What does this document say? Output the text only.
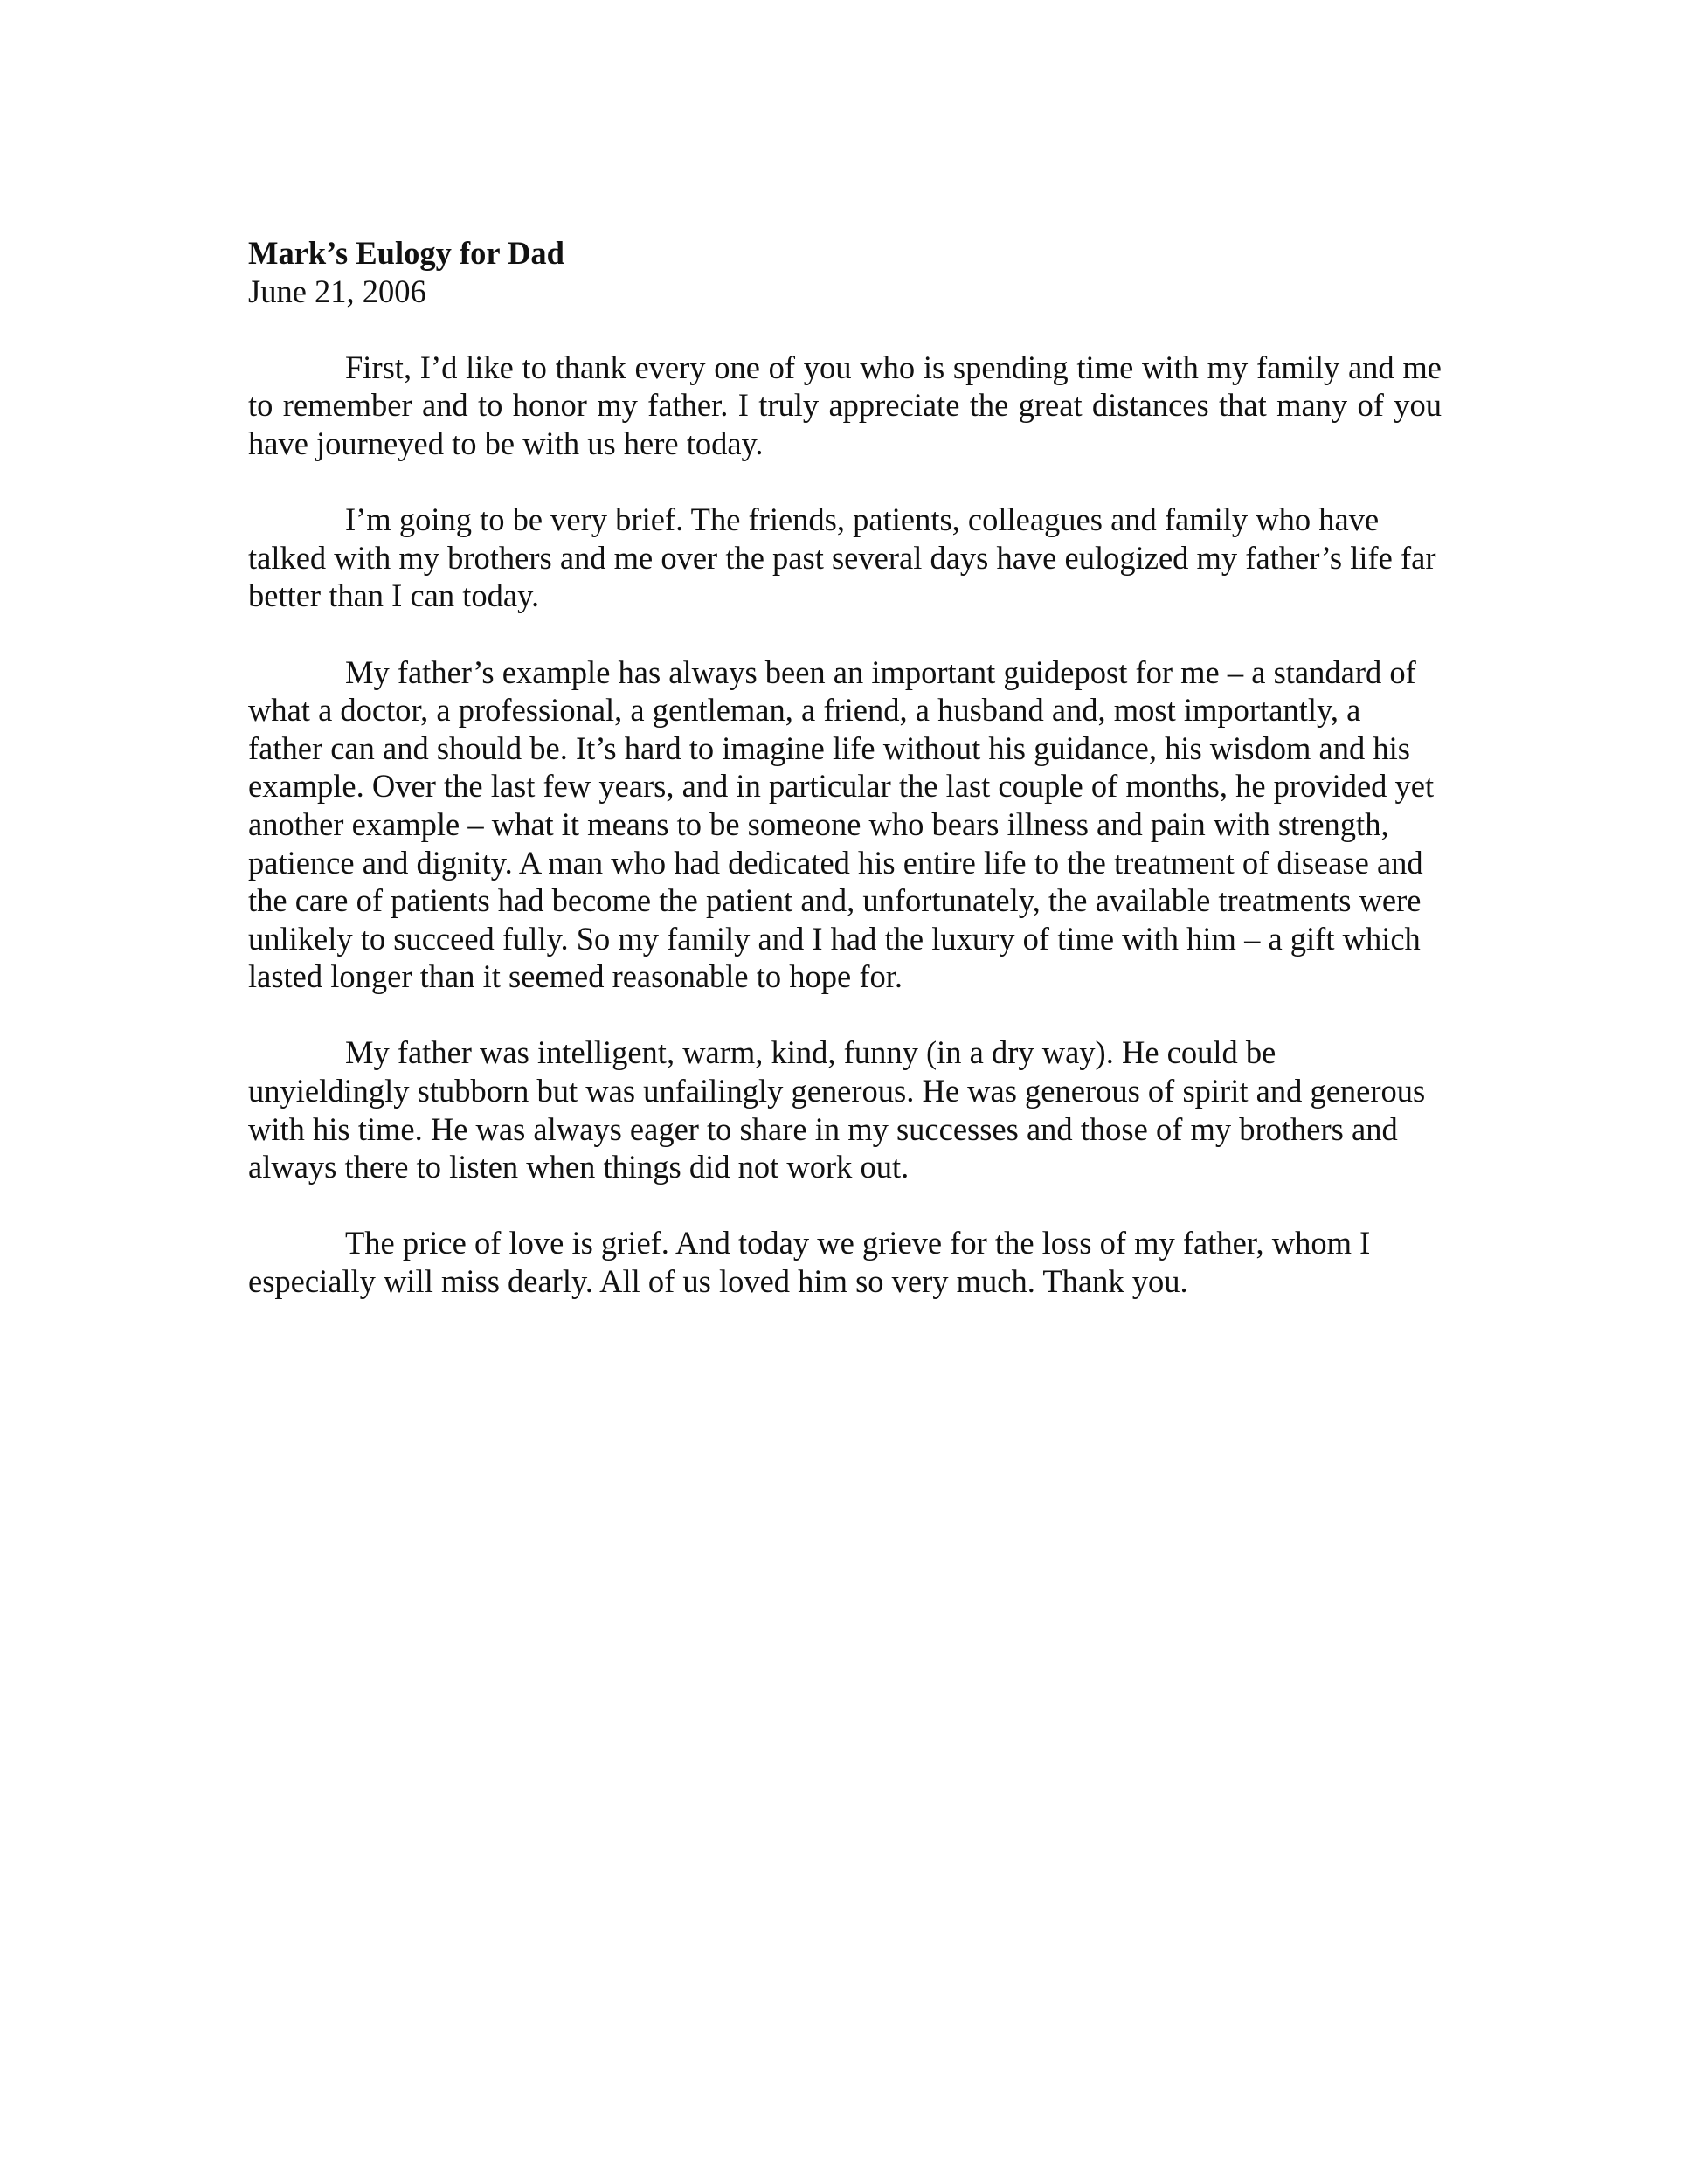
Mark’s Eulogy for Dad

June 21, 2006

First, I’d like to thank every one of you who is spending time with my family and me to remember and to honor my father. I truly appreciate the great distances that many of you have journeyed to be with us here today.

I’m going to be very brief. The friends, patients, colleagues and family who have talked with my brothers and me over the past several days have eulogized my father’s life far better than I can today.

My father’s example has always been an important guidepost for me – a standard of what a doctor, a professional, a gentleman, a friend, a husband and, most importantly, a father can and should be. It’s hard to imagine life without his guidance, his wisdom and his example. Over the last few years, and in particular the last couple of months, he provided yet another example – what it means to be someone who bears illness and pain with strength, patience and dignity. A man who had dedicated his entire life to the treatment of disease and the care of patients had become the patient and, unfortunately, the available treatments were unlikely to succeed fully. So my family and I had the luxury of time with him – a gift which lasted longer than it seemed reasonable to hope for.

My father was intelligent, warm, kind, funny (in a dry way). He could be unyieldingly stubborn but was unfailingly generous. He was generous of spirit and generous with his time. He was always eager to share in my successes and those of my brothers and always there to listen when things did not work out.

The price of love is grief. And today we grieve for the loss of my father, whom I especially will miss dearly. All of us loved him so very much. Thank you.
